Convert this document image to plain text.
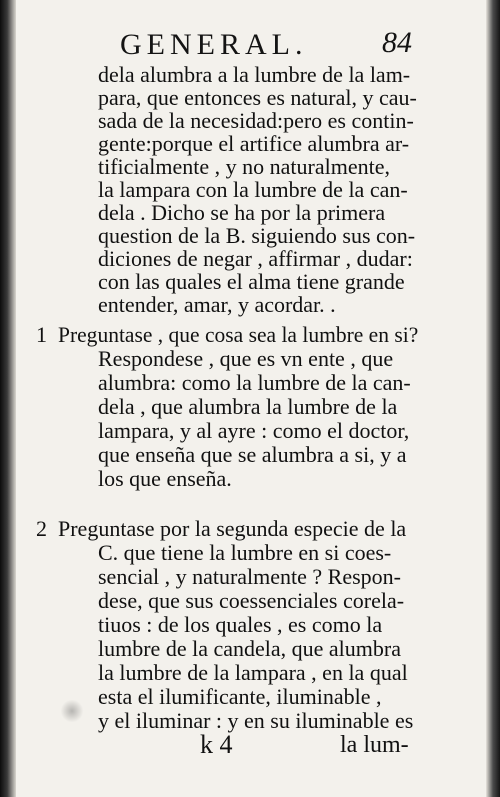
GENERAL. 84
dela alumbra a la lumbre de la lam-
para, que entonces es natural, y cau-
sada de la necesidad:pero es contin-
gente:porque el artifice alumbra ar-
tificialmente , y no naturalmente,
la lampara con la lumbre de la can-
dela . Dicho se ha por la primera
question de la B. siguiendo sus con-
diciones de negar , affirmar , dudar:
con las quales el alma tiene grande
entender, amar, y acordar. .
1 Preguntase , que cosa sea la lumbre en si?
Respondese , que es vn ente , que
alumbra: como la lumbre de la can-
dela , que alumbra la lumbre de la
lampara, y al ayre : como el doctor,
que enseña que se alumbra a si, y a
los que enseña.
2 Preguntase por la segunda especie de la
C. que tiene la lumbre en si coes-
sencial , y naturalmente ? Respon-
dese, que sus coessenciales corela-
tiuos : de los quales , es como la
lumbre de la candela, que alumbra
la lumbre de la lampara , en la qual
esta el ilumificante, iluminable ,
y el iluminar : y en su iluminable es
k 4	la lum-
